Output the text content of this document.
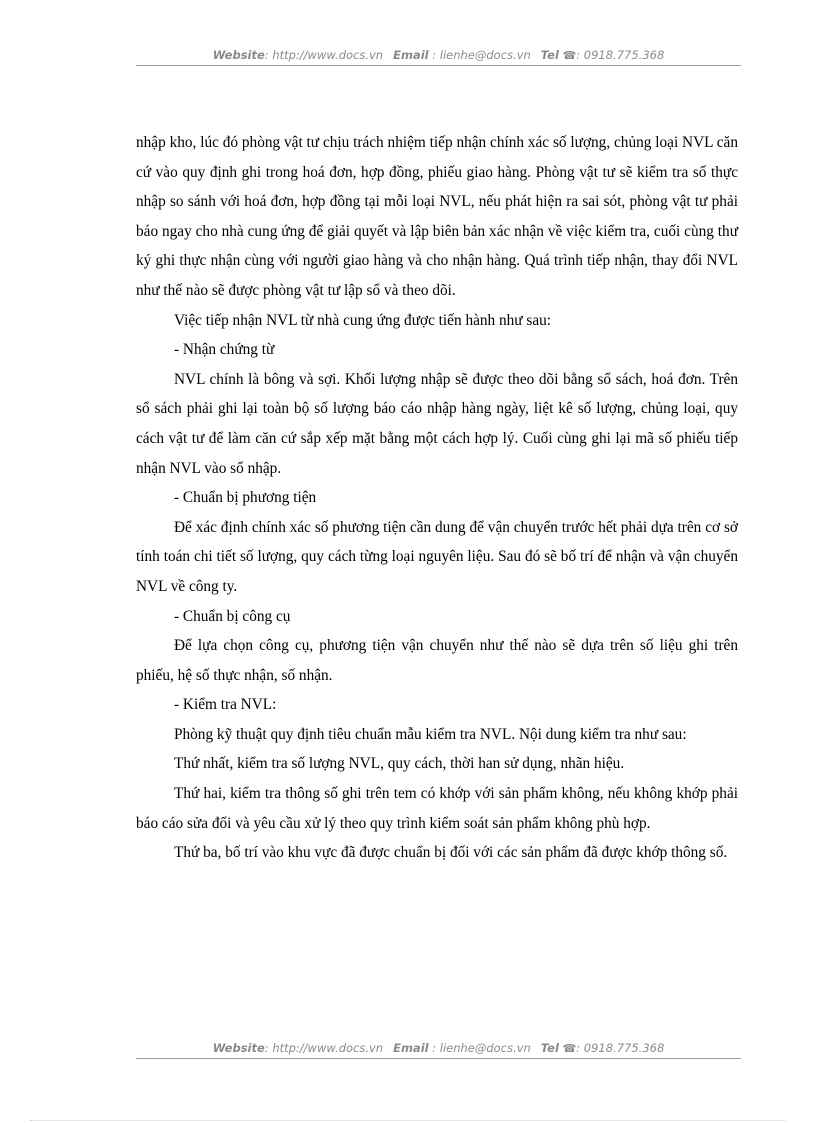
Website: http://www.docs.vn Email : lienhe@docs.vn Tel ☎: 0918.775.368

nhập kho, lúc đó phòng vật tư chịu trách nhiệm tiếp nhận chính xác số lượng, chủng loại NVL căn cứ vào quy định ghi trong hoá đơn, hợp đồng, phiếu giao hàng. Phòng vật tư sẽ kiểm tra số thực nhập so sánh với hoá đơn, hợp đồng tại mỗi loại NVL, nếu phát hiện ra sai sót, phòng vật tư phải báo ngay cho nhà cung ứng để giải quyết và lập biên bản xác nhận về việc kiểm tra, cuối cùng thư ký ghi thực nhận cùng với người giao hàng và cho nhận hàng. Quá trình tiếp nhận, thay đổi NVL như thế nào sẽ được phòng vật tư lập sổ và theo dõi.

Việc tiếp nhận NVL từ nhà cung ứng được tiến hành như sau:

- Nhận chứng từ

NVL chính là bông và sợi. Khối lượng nhập sẽ được theo dõi bằng sổ sách, hoá đơn. Trên sổ sách phải ghi lại toàn bộ số lượng báo cáo nhập hàng ngày, liệt kê số lượng, chủng loại, quy cách vật tư để làm căn cứ sắp xếp mặt bằng một cách hợp lý. Cuối cùng ghi lại mã số phiếu tiếp nhận NVL vào sổ nhập.

- Chuẩn bị phương tiện

Để xác định chính xác số phương tiện cần dung để vận chuyển trước hết phải dựa trên cơ sở tính toán chi tiết số lượng, quy cách từng loại nguyên liệu. Sau đó sẽ bố trí để nhận và vận chuyển NVL về công ty.

- Chuẩn bị công cụ

Để lựa chọn công cụ, phương tiện vận chuyển như thế nào sẽ dựa trên số liệu ghi trên phiếu, hệ số thực nhận, số nhận.

- Kiểm tra NVL:

Phòng kỹ thuật quy định tiêu chuẩn mẫu kiểm tra NVL. Nội dung kiểm tra như sau:

Thứ nhất, kiểm tra số lượng NVL, quy cách, thời han sử dụng, nhãn hiệu.

Thứ hai, kiểm tra thông số ghi trên tem có khớp với sản phẩm không, nếu không khớp phải báo cáo sửa đổi và yêu cầu xử lý theo quy trình kiểm soát sản phẩm không phù hợp.

Thứ ba, bố trí vào khu vực đã được chuẩn bị đối với các sản phẩm đã được khớp thông số.

Website: http://www.docs.vn Email : lienhe@docs.vn Tel ☎: 0918.775.368
